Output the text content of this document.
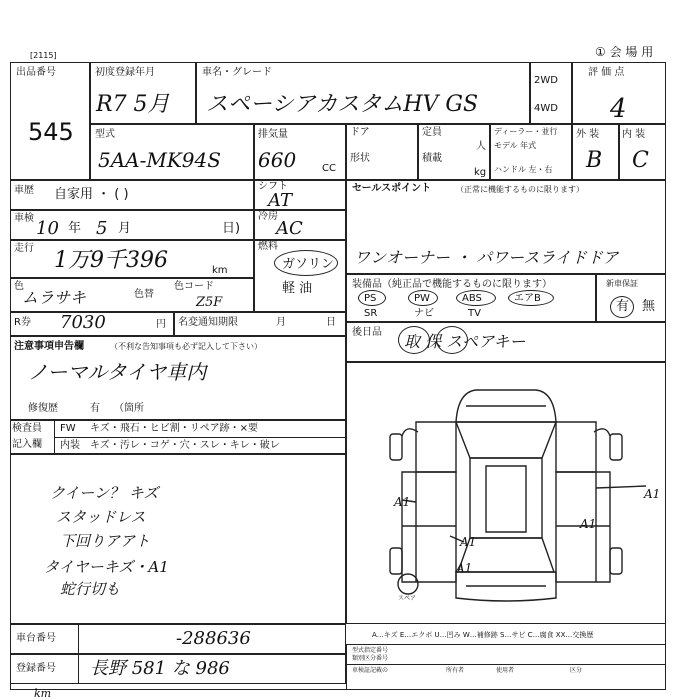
[2115]	① 会 場 用
出品番号
545
初度登録年月
R7 5月
車名・グレード
スペーシアカスタムHV GS
2WD
4WD
評 価 点
4
型式
5AA-MK94S
排気量
660	CC
ドア
形状
定員
人
積載
kg
ディーラー・並行
モデル 年式
ハンドル 左・右
外 装
B
内 装
C
車歴 自家用 ・ ( )
シフト
AT
車検 10 年 5 月	日)
冷房
AC
走行 1万9千396	km
燃料
ガソリン
軽 油
色
ムラサキ	色替
色コード
Z5F
R券 7030	円 名変通知期限	月	日
注意事項申告欄	（不利な告知事項も必ず記入して下さい）
ノーマルタイヤ車内
修復歴	有 （箇所
検査員
記入欄
FW キズ・飛石・ヒビ割・リペア跡・×要
内装 キズ・汚レ・コゲ・穴・スレ・キレ・破レ
クイーン？ キズ
スタッドレス
下回りアアト
タイヤーキズ・A1
蛇行切も
セールスポイント	（正常に機能するものに限ります）
ワンオーナー ・ パワースライドドア
装備品（純正品で機能するものに限ります）
PS	PW	ABS	エアB
SR	ナビ	TV
新車保証
有 無
後日品 取 保 スペアキー
A1
A1
A1
A1
A1
スペア
車台番号	-288636
登録番号 長野 581 な 986
km
A…キズ E…エクボ U…凹み W…補修跡 S…サビ C…腐食 XX…交換歴
型式指定番号
類別区分番号
車検証記載の	所有者	使用者	区分
